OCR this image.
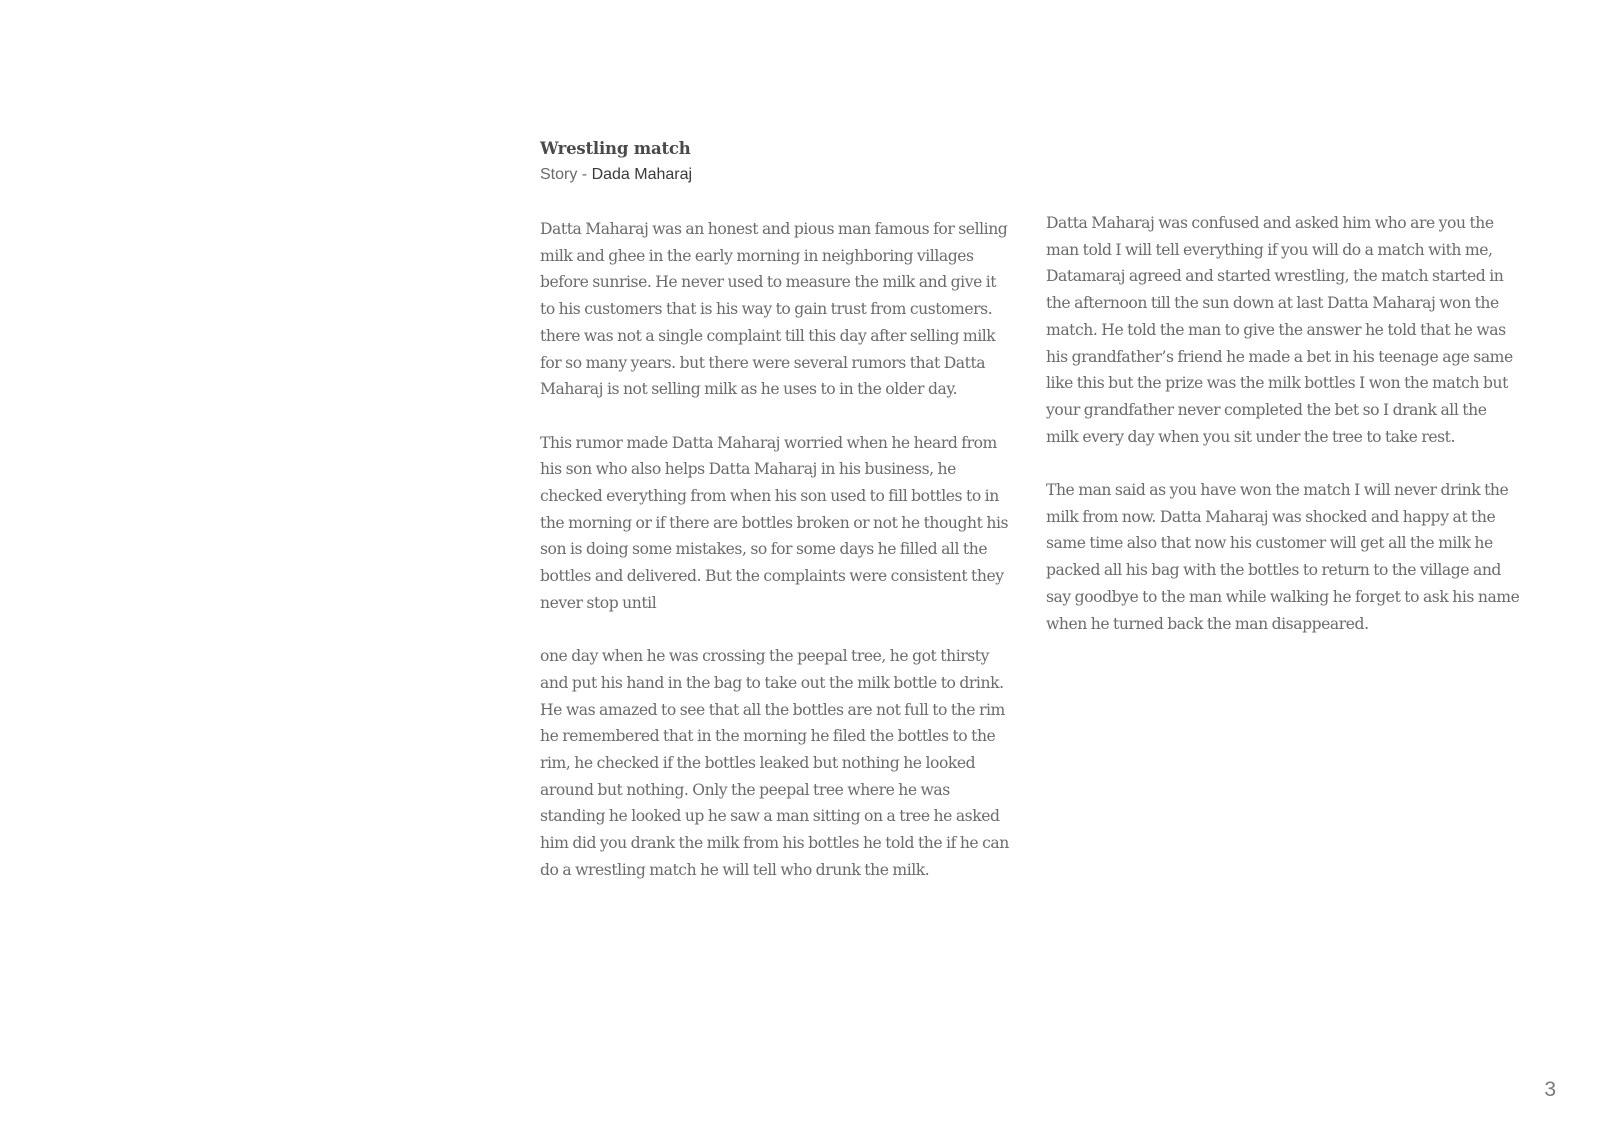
Wrestling match

Story - Dada Maharaj

Datta Maharaj was an honest and pious man famous for selling milk and ghee in the early morning in neighboring villages before sunrise. He never used to measure the milk and give it to his customers that is his way to gain trust from customers. there was not a single complaint till this day after selling milk for so many years. but there were several rumors that Datta Maharaj is not selling milk as he uses to in the older day.

This rumor made Datta Maharaj worried when he heard from his son who also helps Datta Maharaj in his business, he checked everything from when his son used to fill bottles to in the morning or if there are bottles broken or not he thought his son is doing some mistakes, so for some days he filled all the bottles and delivered. But the complaints were consistent they never stop until

one day when he was crossing the peepal tree, he got thirsty and put his hand in the bag to take out the milk bottle to drink. He was amazed to see that all the bottles are not full to the rim he remembered that in the morning he filed the bottles to the rim, he checked if the bottles leaked but nothing he looked around but nothing. Only the peepal tree where he was standing he looked up he saw a man sitting on a tree he asked him did you drank the milk from his bottles he told the if he can do a wrestling match he will tell who drunk the milk.

Datta Maharaj was confused and asked him who are you the man told I will tell everything if you will do a match with me, Datamaraj agreed and started wrestling, the match started in the afternoon till the sun down at last Datta Maharaj won the match. He told the man to give the answer he told that he was his grandfather’s friend he made a bet in his teenage age same like this but the prize was the milk bottles I won the match but your grandfather never completed the bet so I drank all the milk every day when you sit under the tree to take rest.

The man said as you have won the match I will never drink the milk from now. Datta Maharaj was shocked and happy at the same time also that now his customer will get all the milk he packed all his bag with the bottles to return to the village and say goodbye to the man while walking he forget to ask his name when he turned back the man disappeared.

3
